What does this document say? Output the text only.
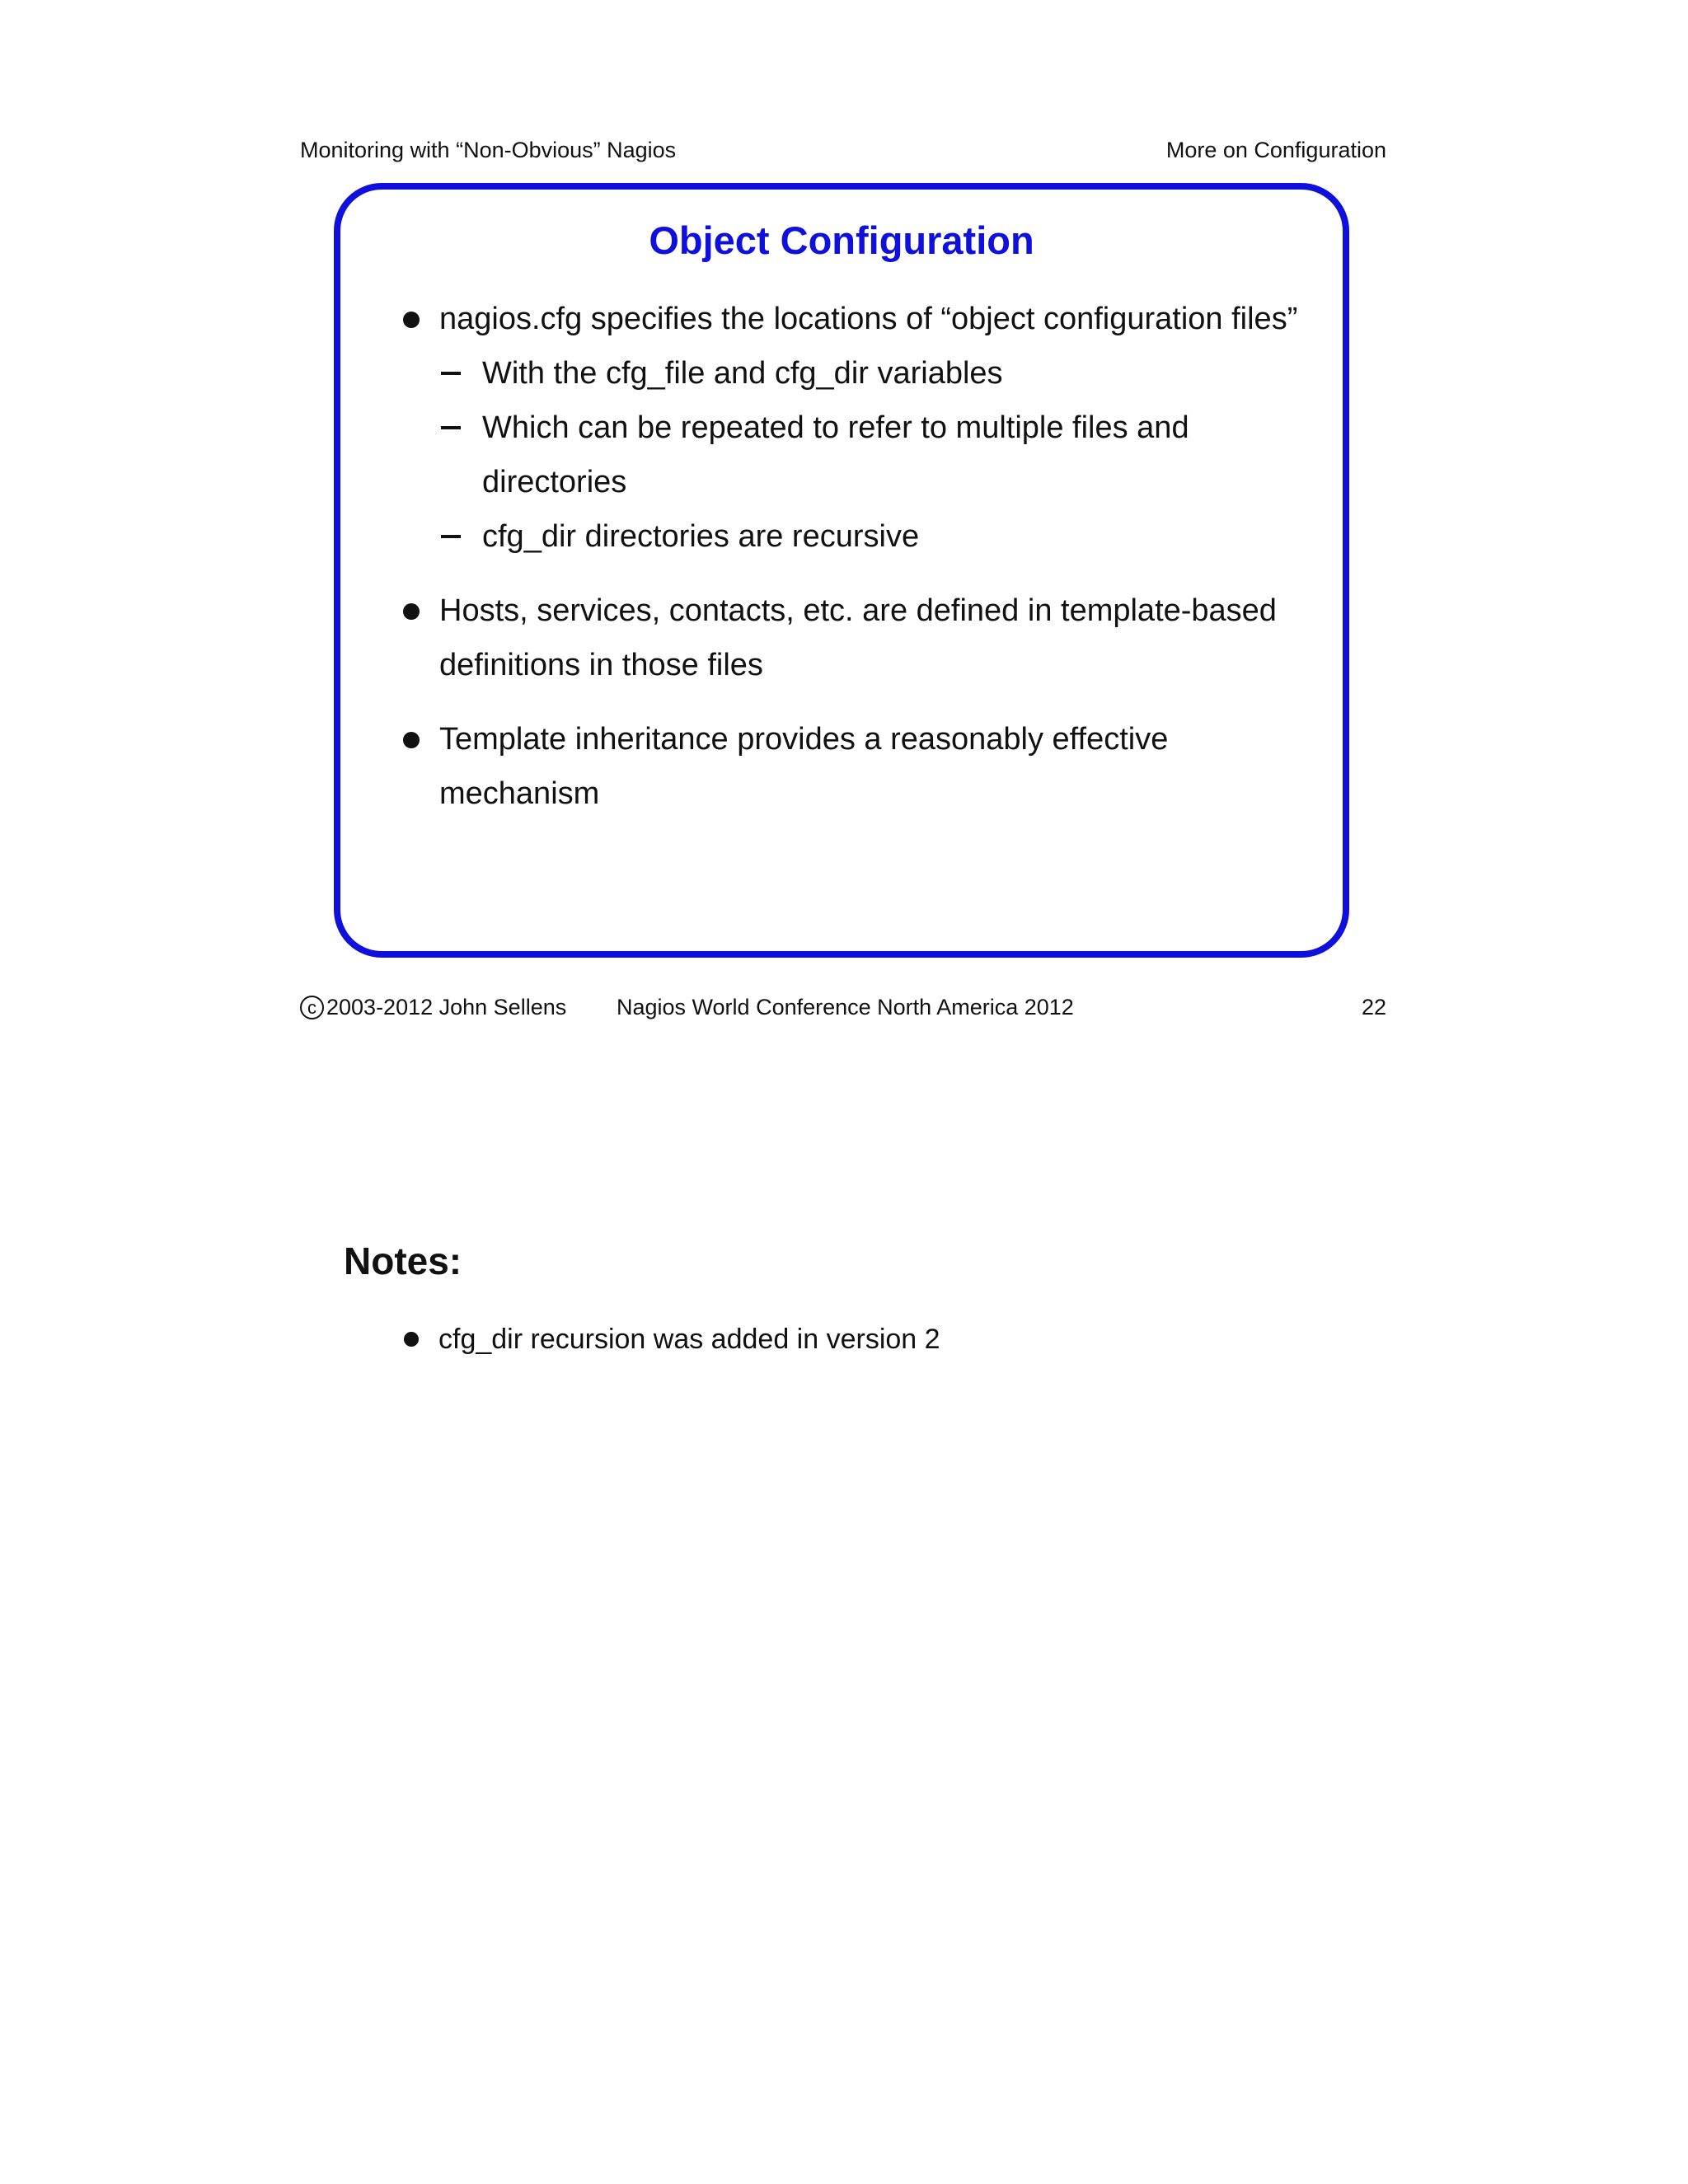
Monitoring with “Non-Obvious” Nagios	More on Configuration
Object Configuration
nagios.cfg specifies the locations of “object configuration files”
With the cfg_file and cfg_dir variables
Which can be repeated to refer to multiple files and directories
cfg_dir directories are recursive
Hosts, services, contacts, etc. are defined in template-based definitions in those files
Template inheritance provides a reasonably effective mechanism
c 2003-2012 John Sellens Nagios World Conference North America 2012	22
Notes:
cfg_dir recursion was added in version 2
